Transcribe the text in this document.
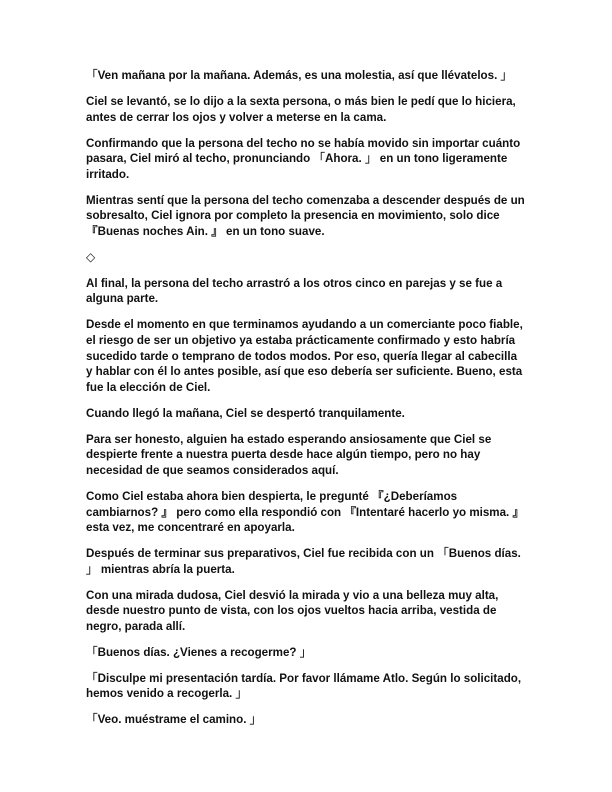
「Ven mañana por la mañana. Además, es una molestia, así que llévatelos. 」

Ciel se levantó, se lo dijo a la sexta persona, o más bien le pedí que lo hiciera, antes de cerrar los ojos y volver a meterse en la cama.

Confirmando que la persona del techo no se había movido sin importar cuánto pasara, Ciel miró al techo, pronunciando 「Ahora. 」 en un tono ligeramente irritado.

Mientras sentí que la persona del techo comenzaba a descender después de un sobresalto, Ciel ignora por completo la presencia en movimiento, solo dice 『Buenas noches Ain. 』 en un tono suave.

◇

Al final, la persona del techo arrastró a los otros cinco en parejas y se fue a alguna parte.

Desde el momento en que terminamos ayudando a un comerciante poco fiable, el riesgo de ser un objetivo ya estaba prácticamente confirmado y esto habría sucedido tarde o temprano de todos modos. Por eso, quería llegar al cabecilla y hablar con él lo antes posible, así que eso debería ser suficiente. Bueno, esta fue la elección de Ciel.

Cuando llegó la mañana, Ciel se despertó tranquilamente.

Para ser honesto, alguien ha estado esperando ansiosamente que Ciel se despierte frente a nuestra puerta desde hace algún tiempo, pero no hay necesidad de que seamos considerados aquí.

Como Ciel estaba ahora bien despierta, le pregunté 『¿Deberíamos cambiarnos? 』 pero como ella respondió con 『Intentaré hacerlo yo misma. 』 esta vez, me concentraré en apoyarla.

Después de terminar sus preparativos, Ciel fue recibida con un 「Buenos días. 」 mientras abría la puerta.

Con una mirada dudosa, Ciel desvió la mirada y vio a una belleza muy alta, desde nuestro punto de vista, con los ojos vueltos hacia arriba, vestida de negro, parada allí.

「Buenos días. ¿Vienes a recogerme? 」

「Disculpe mi presentación tardía. Por favor llámame Atlo. Según lo solicitado, hemos venido a recogerla. 」

「Veo. muéstrame el camino. 」
